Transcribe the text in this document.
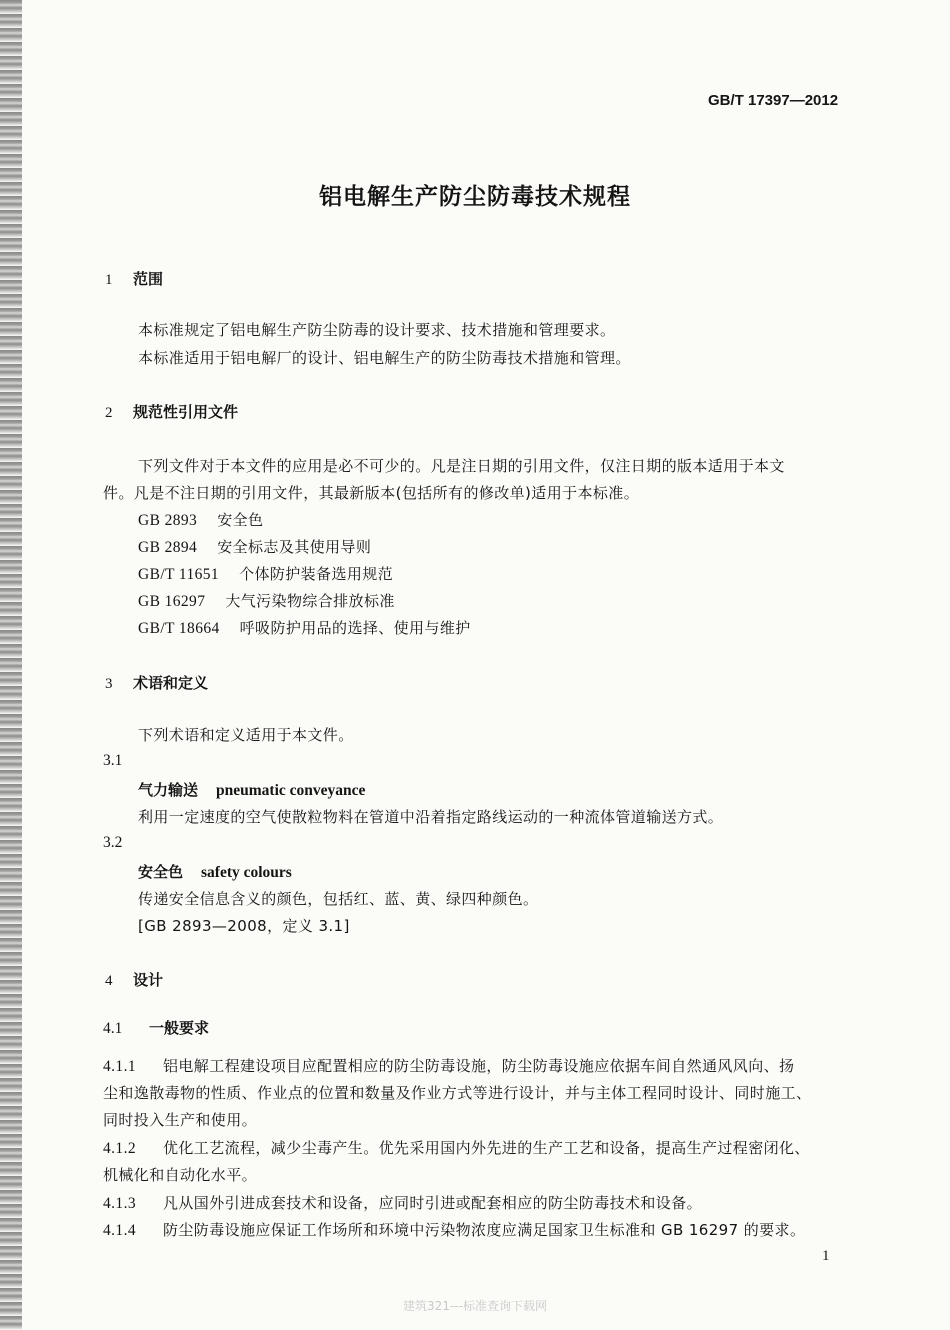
GB/T 17397—2012
铝电解生产防尘防毒技术规程
1 范围
本标准规定了铝电解生产防尘防毒的设计要求、技术措施和管理要求。
本标准适用于铝电解厂的设计、铝电解生产的防尘防毒技术措施和管理。
2 规范性引用文件
下列文件对于本文件的应用是必不可少的。凡是注日期的引用文件，仅注日期的版本适用于本文
件。凡是不注日期的引用文件，其最新版本(包括所有的修改单)适用于本标准。
GB 2893 安全色
GB 2894 安全标志及其使用导则
GB/T 11651 个体防护装备选用规范
GB 16297 大气污染物综合排放标准
GB/T 18664 呼吸防护用品的选择、使用与维护
3 术语和定义
下列术语和定义适用于本文件。
3.1
气力输送 pneumatic conveyance
利用一定速度的空气使散粒物料在管道中沿着指定路线运动的一种流体管道输送方式。
3.2
安全色 safety colours
传递安全信息含义的颜色，包括红、蓝、黄、绿四种颜色。
[GB 2893—2008，定义 3.1]
4 设计
4.1 一般要求
4.1.1 铝电解工程建设项目应配置相应的防尘防毒设施，防尘防毒设施应依据车间自然通风风向、扬
尘和逸散毒物的性质、作业点的位置和数量及作业方式等进行设计，并与主体工程同时设计、同时施工、
同时投入生产和使用。
4.1.2 优化工艺流程，减少尘毒产生。优先采用国内外先进的生产工艺和设备，提高生产过程密闭化、
机械化和自动化水平。
4.1.3 凡从国外引进成套技术和设备，应同时引进或配套相应的防尘防毒技术和设备。
4.1.4 防尘防毒设施应保证工作场所和环境中污染物浓度应满足国家卫生标准和 GB 16297 的要求。
1
建筑321---标准查询下载网
